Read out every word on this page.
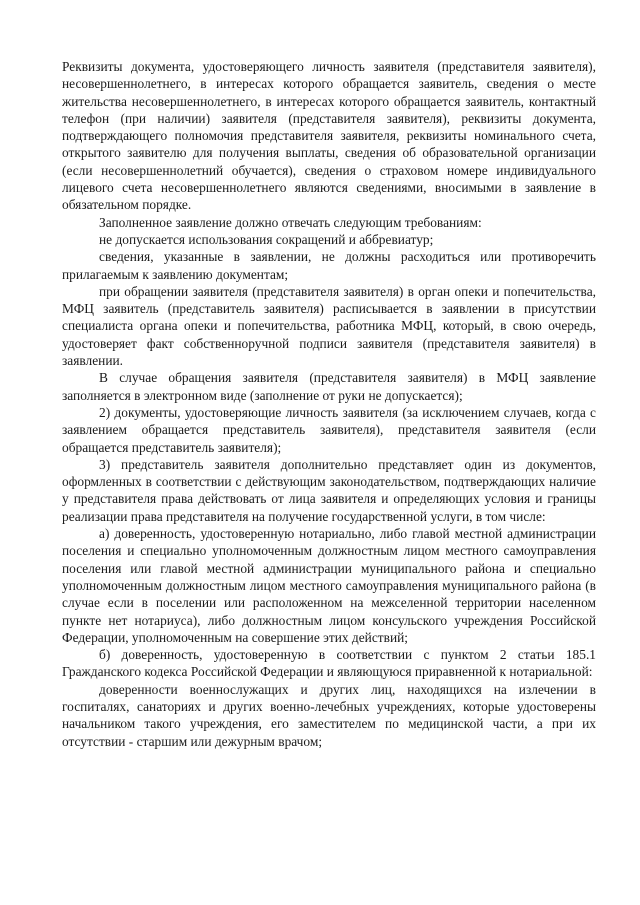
Реквизиты документа, удостоверяющего личность заявителя (представителя заявителя), несовершеннолетнего, в интересах которого обращается заявитель, сведения о месте жительства несовершеннолетнего, в интересах которого обращается заявитель, контактный телефон (при наличии) заявителя (представителя заявителя), реквизиты документа, подтверждающего полномочия представителя заявителя, реквизиты номинального счета, открытого заявителю для получения выплаты, сведения об образовательной организации (если несовершеннолетний обучается), сведения о страховом номере индивидуального лицевого счета несовершеннолетнего являются сведениями, вносимыми в заявление в обязательном порядке.

Заполненное заявление должно отвечать следующим требованиям:

не допускается использования сокращений и аббревиатур;

сведения, указанные в заявлении, не должны расходиться или противоречить прилагаемым к заявлению документам;

при обращении заявителя (представителя заявителя) в орган опеки и попечительства, МФЦ заявитель (представитель заявителя) расписывается в заявлении в присутствии специалиста органа опеки и попечительства, работника МФЦ, который, в свою очередь, удостоверяет факт собственноручной подписи заявителя (представителя заявителя) в заявлении.

В случае обращения заявителя (представителя заявителя) в МФЦ заявление заполняется в электронном виде (заполнение от руки не допускается);

2) документы, удостоверяющие личность заявителя (за исключением случаев, когда с заявлением обращается представитель заявителя), представителя заявителя (если обращается представитель заявителя);

3) представитель заявителя дополнительно представляет один из документов, оформленных в соответствии с действующим законодательством, подтверждающих наличие у представителя права действовать от лица заявителя и определяющих условия и границы реализации права представителя на получение государственной услуги, в том числе:

а) доверенность, удостоверенную нотариально, либо главой местной администрации поселения и специально уполномоченным должностным лицом местного самоуправления поселения или главой местной администрации муниципального района и специально уполномоченным должностным лицом местного самоуправления муниципального района (в случае если в поселении или расположенном на межселенной территории населенном пункте нет нотариуса), либо должностным лицом консульского учреждения Российской Федерации, уполномоченным на совершение этих действий;

б) доверенность, удостоверенную в соответствии с пунктом 2 статьи 185.1 Гражданского кодекса Российской Федерации и являющуюся приравненной к нотариальной:

доверенности военнослужащих и других лиц, находящихся на излечении в госпиталях, санаториях и других военно-лечебных учреждениях, которые удостоверены начальником такого учреждения, его заместителем по медицинской части, а при их отсутствии - старшим или дежурным врачом;
